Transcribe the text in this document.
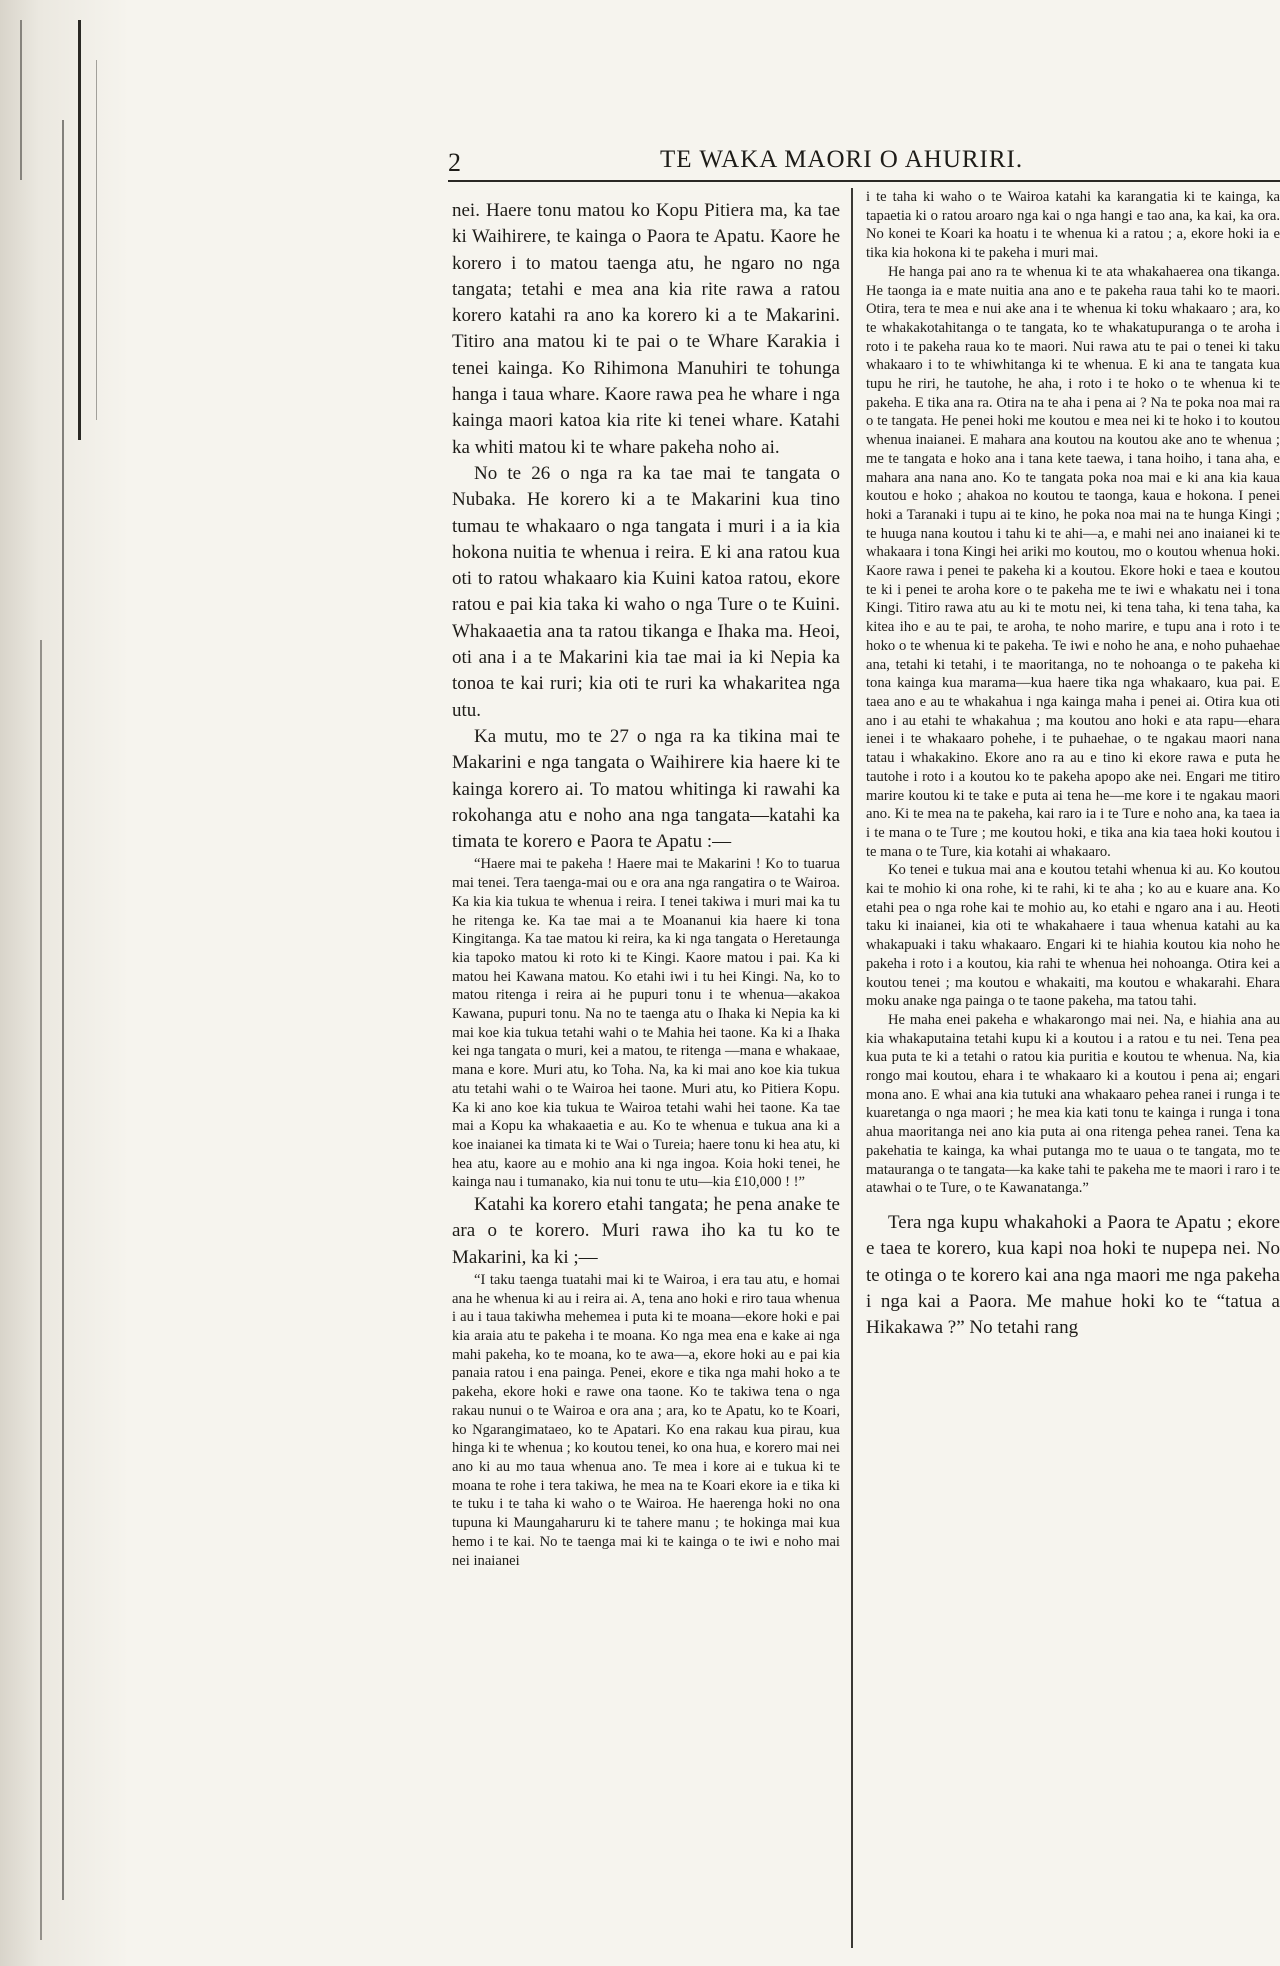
2	TE WAKA MAORI O AHURIRI.

nei. Haere tonu matou ko Kopu Pitiera ma, ka tae ki Waihirere, te kainga o Paora te Apatu. Kaore he korero i to matou taenga atu, he ngaro no nga tangata; tetahi e mea ana kia rite rawa a ratou korero katahi ra ano ka korero ki a te Makarini. Titiro ana matou ki te pai o te Whare Karakia i tenei kainga. Ko Rihimona Manuhiri te tohunga hanga i taua whare. Kaore rawa pea he whare i nga kainga maori katoa kia rite ki tenei whare. Katahi ka whiti matou ki te whare pakeha noho ai.

No te 26 o nga ra ka tae mai te tangata o Nubaka. He korero ki a te Makarini kua tino tumau te whakaaro o nga tangata i muri i a ia kia hokona nuitia te whenua i reira. E ki ana ratou kua oti to ratou whakaaro kia Kuini katoa ratou, ekore ratou e pai kia taka ki waho o nga Ture o te Kuini. Whakaaetia ana ta ratou tikanga e Ihaka ma. Heoi, oti ana i a te Makarini kia tae mai ia ki Nepia ka tonoa te kai ruri; kia oti te ruri ka whakaritea nga utu.

Ka mutu, mo te 27 o nga ra ka tikina mai te Makarini e nga tangata o Waihirere kia haere ki te kainga korero ai. To matou whitinga ki rawahi ka rokohanga atu e noho ana nga tangata—katahi ka timata te korero e Paora te Apatu :—

“Haere mai te pakeha ! Haere mai te Makarini ! Ko to tuarua mai tenei. Tera taenga-mai ou e ora ana nga rangatira o te Wairoa. Ka kia kia tukua te whenua i reira. I tenei takiwa i muri mai ka tu he ritenga ke. Ka tae mai a te Moananui kia haere ki tona Kingitanga. Ka tae matou ki reira, ka ki nga tangata o Heretaunga kia tapoko matou ki roto ki te Kingi. Kaore matou i pai. Ka ki matou hei Kawana matou. Ko etahi iwi i tu hei Kingi. Na, ko to matou ritenga i reira ai he pupuri tonu i te whenua—akakoa Kawana, pupuri tonu. Na no te taenga atu o Ihaka ki Nepia ka ki mai koe kia tukua tetahi wahi o te Mahia hei taone. Ka ki a Ihaka kei nga tangata o muri, kei a matou, te ritenga —mana e whakaae, mana e kore. Muri atu, ko Toha. Na, ka ki mai ano koe kia tukua atu tetahi wahi o te Wairoa hei taone. Muri atu, ko Pitiera Kopu. Ka ki ano koe kia tukua te Wairoa tetahi wahi hei taone. Ka tae mai a Kopu ka whakaaetia e au. Ko te whenua e tukua ana ki a koe inaianei ka timata ki te Wai o Tureia; haere tonu ki hea atu, ki hea atu, kaore au e mohio ana ki nga ingoa. Koia hoki tenei, he kainga nau i tumanako, kia nui tonu te utu—kia £10,000 ! !”

Katahi ka korero etahi tangata; he pena anake te ara o te korero. Muri rawa iho ka tu ko te Makarini, ka ki ;—

“I taku taenga tuatahi mai ki te Wairoa, i era tau atu, e homai ana he whenua ki au i reira ai. A, tena ano hoki e riro taua whenua i au i taua takiwha mehemea i puta ki te moana—ekore hoki e pai kia araia atu te pakeha i te moana. Ko nga mea ena e kake ai nga mahi pakeha, ko te moana, ko te awa—a, ekore hoki au e pai kia panaia ratou i ena painga. Penei, ekore e tika nga mahi hoko a te pakeha, ekore hoki e rawe ona taone. Ko te takiwa tena o nga rakau nunui o te Wairoa e ora ana ; ara, ko te Apatu, ko te Koari, ko Ngarangimataeo, ko te Apatari. Ko ena rakau kua pirau, kua hinga ki te whenua ; ko koutou tenei, ko ona hua, e korero mai nei ano ki au mo taua whenua ano. Te mea i kore ai e tukua ki te moana te rohe i tera takiwa, he mea na te Koari ekore ia e tika ki te tuku i te taha ki waho o te Wairoa. He haerenga hoki no ona tupuna ki Maungaharuru ki te tahere manu ; te hokinga mai kua hemo i te kai. No te taenga mai ki te kainga o te iwi e noho mai nei inaianei

i te taha ki waho o te Wairoa katahi ka karangatia ki te kainga, ka tapaetia ki o ratou aroaro nga kai o nga hangi e tao ana, ka kai, ka ora. No konei te Koari ka hoatu i te whenua ki a ratou ; a, ekore hoki ia e tika kia hokona ki te pakeha i muri mai.

He hanga pai ano ra te whenua ki te ata whakahaerea ona tikanga. He taonga ia e mate nuitia ana ano e te pakeha raua tahi ko te maori. Otira, tera te mea e nui ake ana i te whenua ki toku whakaaro ; ara, ko te whakakotahitanga o te tangata, ko te whakatupuranga o te aroha i roto i te pakeha raua ko te maori. Nui rawa atu te pai o tenei ki taku whakaaro i to te whiwhitanga ki te whenua. E ki ana te tangata kua tupu he riri, he tautohe, he aha, i roto i te hoko o te whenua ki te pakeha. E tika ana ra. Otira na te aha i pena ai ? Na te poka noa mai ra o te tangata. He penei hoki me koutou e mea nei ki te hoko i to koutou whenua inaianei. E mahara ana koutou na koutou ake ano te whenua ; me te tangata e hoko ana i tana kete taewa, i tana hoiho, i tana aha, e mahara ana nana ano. Ko te tangata poka noa mai e ki ana kia kaua koutou e hoko ; ahakoa no koutou te taonga, kaua e hokona. I penei hoki a Taranaki i tupu ai te kino, he poka noa mai na te hunga Kingi ; te huuga nana koutou i tahu ki te ahi—a, e mahi nei ano inaianei ki te whakaara i tona Kingi hei ariki mo koutou, mo o koutou whenua hoki. Kaore rawa i penei te pakeha ki a koutou. Ekore hoki e taea e koutou te ki i penei te aroha kore o te pakeha me te iwi e whakatu nei i tona Kingi. Titiro rawa atu au ki te motu nei, ki tena taha, ki tena taha, ka kitea iho e au te pai, te aroha, te noho marire, e tupu ana i roto i te hoko o te whenua ki te pakeha. Te iwi e noho he ana, e noho puhaehae ana, tetahi ki tetahi, i te maoritanga, no te nohoanga o te pakeha ki tona kainga kua marama—kua haere tika nga whakaaro, kua pai. E taea ano e au te whakahua i nga kainga maha i penei ai. Otira kua oti ano i au etahi te whakahua ; ma koutou ano hoki e ata rapu—ehara ienei i te whakaaro pohehe, i te puhaehae, o te ngakau maori nana tatau i whakakino. Ekore ano ra au e tino ki ekore rawa e puta he tautohe i roto i a koutou ko te pakeha apopo ake nei. Engari me titiro marire koutou ki te take e puta ai tena he—me kore i te ngakau maori ano. Ki te mea na te pakeha, kai raro ia i te Ture e noho ana, ka taea ia i te mana o te Ture ; me koutou hoki, e tika ana kia taea hoki koutou i te mana o te Ture, kia kotahi ai whakaaro.

Ko tenei e tukua mai ana e koutou tetahi whenua ki au. Ko koutou kai te mohio ki ona rohe, ki te rahi, ki te aha ; ko au e kuare ana. Ko etahi pea o nga rohe kai te mohio au, ko etahi e ngaro ana i au. Heoti taku ki inaianei, kia oti te whakahaere i taua whenua katahi au ka whakapuaki i taku whakaaro. Engari ki te hiahia koutou kia noho he pakeha i roto i a koutou, kia rahi te whenua hei nohoanga. Otira kei a koutou tenei ; ma koutou e whakaiti, ma koutou e whakarahi. Ehara moku anake nga painga o te taone pakeha, ma tatou tahi.

He maha enei pakeha e whakarongo mai nei. Na, e hiahia ana au kia whakaputaina tetahi kupu ki a koutou i a ratou e tu nei. Tena pea kua puta te ki a tetahi o ratou kia puritia e koutou te whenua. Na, kia rongo mai koutou, ehara i te whakaaro ki a koutou i pena ai; engari mona ano. E whai ana kia tutuki ana whakaaro pehea ranei i runga i te kuaretanga o nga maori ; he mea kia kati tonu te kainga i runga i tona ahua maoritanga nei ano kia puta ai ona ritenga pehea ranei. Tena ka pakehatia te kainga, ka whai putanga mo te uaua o te tangata, mo te matauranga o te tangata—ka kake tahi te pakeha me te maori i raro i te atawhai o te Ture, o te Kawanatanga.”

Tera nga kupu whakahoki a Paora te Apatu ; ekore e taea te korero, kua kapi noa hoki te nupepa nei. No te otinga o te korero kai ana nga maori me nga pakeha i nga kai a Paora. Me mahue hoki ko te “tatua a Hikakawa ?” No tetahi rang
